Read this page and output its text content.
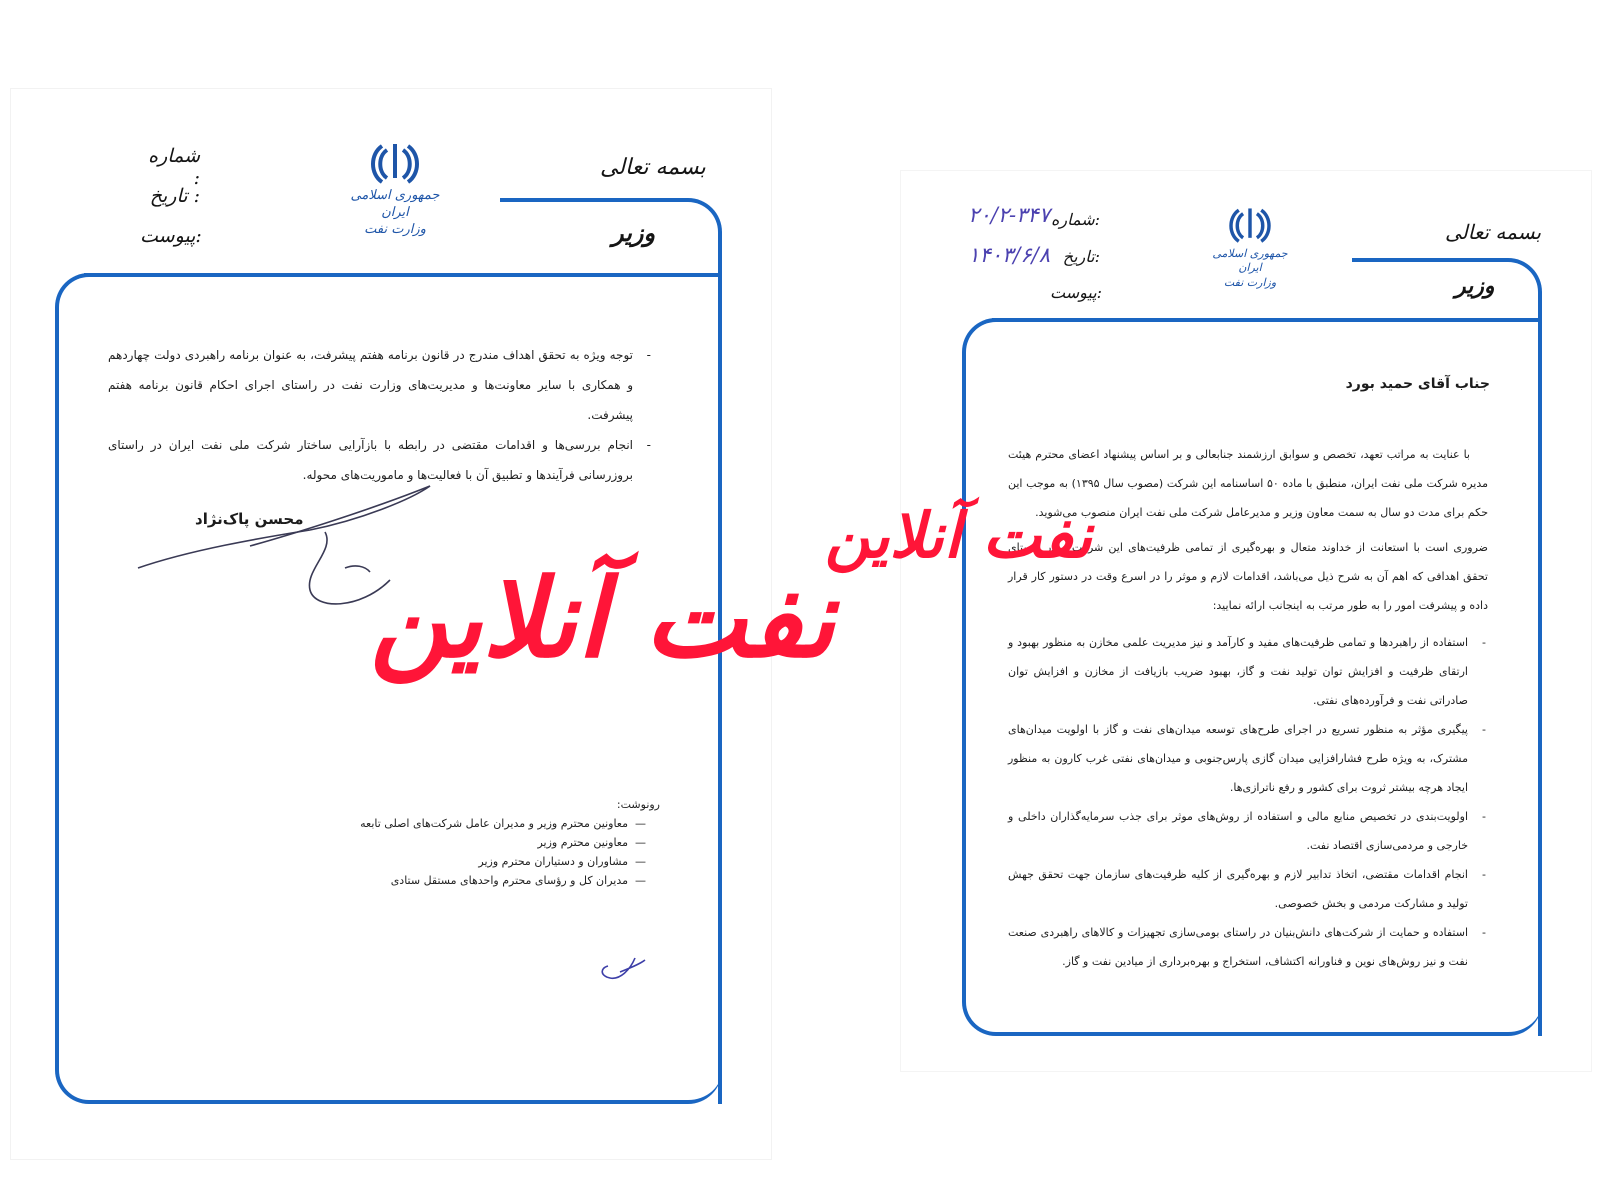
بسمه تعالی
وزیر
جمهوری اسلامی ایران
وزارت نفت
شماره :
تاریخ :
پیوست:
- توجه ویژه به تحقق اهداف مندرج در قانون برنامه هفتم پیشرفت، به عنوان برنامه راهبردی دولت چهاردهم و همکاری با سایر معاونت‌ها و مدیریت‌های وزارت نفت در راستای اجرای احکام قانون برنامه هفتم پیشرفت.
- انجام بررسی‌ها و اقدامات مقتضی در رابطه با بازآرایی ساختار شرکت ملی نفت ایران در راستای بروزرسانی فرآیندها و تطبیق آن با فعالیت‌ها و ماموریت‌های محوله.
محسن پاک‌نژاد
رونوشت:
—  معاونین محترم وزیر و مدیران عامل شرکت‌های اصلی تابعه
—  معاونین محترم وزیر
—  مشاوران و دستیاران محترم وزیر
—  مدیران کل و رؤسای محترم واحدهای مستقل ستادی
بسمه تعالی
وزیر
جمهوری اسلامی ایران
وزارت نفت
شماره:
تاریخ:
پیوست:
۲۰/۲-۳۴۷
۱۴۰۳/۶/۸
جناب آقای حمید بورد

با عنایت به مراتب تعهد، تخصص و سوابق ارزشمند جنابعالی و بر اساس پیشنهاد اعضای محترم هیئت مدیره شرکت ملی نفت ایران، منطبق با ماده ۵۰ اساسنامه این شرکت (مصوب سال ۱۳۹۵) به موجب این حکم برای مدت دو سال به سمت معاون وزیر و مدیرعامل شرکت ملی نفت ایران منصوب می‌شوید.

ضروری است با استعانت از خداوند متعال و بهره‌گیری از تمامی ظرفیت‌های این شرکت و در راستای تحقق اهدافی که اهم آن به شرح ذیل می‌باشد، اقدامات لازم و موثر را در اسرع وقت در دستور کار قرار داده و پیشرفت امور را به طور مرتب به اینجانب ارائه نمایید:

- استفاده از راهبردها و تمامی ظرفیت‌های مفید و کارآمد و نیز مدیریت علمی مخازن به منظور بهبود و ارتقای ظرفیت و افزایش توان تولید نفت و گاز، بهبود ضریب بازیافت از مخازن و افزایش توان صادراتی نفت و فرآورده‌های نفتی.
- پیگیری مؤثر به منظور تسریع در اجرای طرح‌های توسعه میدان‌های نفت و گاز با اولویت میدان‌های مشترک، به ویژه طرح فشارافزایی میدان گازی پارس‌جنوبی و میدان‌های نفتی غرب کارون به منظور ایجاد هرچه بیشتر ثروت برای کشور و رفع ناترازی‌ها.
- اولویت‌بندی در تخصیص منابع مالی و استفاده از روش‌های موثر برای جذب سرمایه‌گذاران داخلی و خارجی و مردمی‌سازی اقتصاد نفت.
- انجام اقدامات مقتضی، اتخاذ تدابیر لازم و بهره‌گیری از کلیه ظرفیت‌های سازمان جهت تحقق جهش تولید و مشارکت مردمی و بخش خصوصی.
- استفاده و حمایت از شرکت‌های دانش‌بنیان در راستای بومی‌سازی تجهیزات و کالاهای راهبردی صنعت نفت و نیز روش‌های نوین و فناورانه اکتشاف، استخراج و بهره‌برداری از میادین نفت و گاز.
نفت آنلاین
نفت آنلاین
